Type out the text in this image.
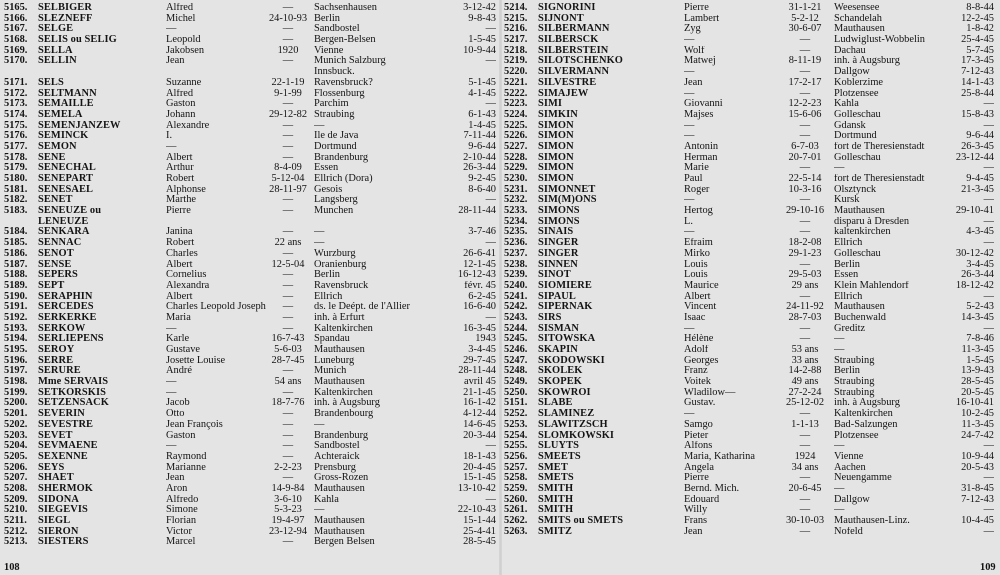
5165.	SELBIGER	Alfred	—	Sachsenhausen	3-12-42
5166.	SLEZNEFF	Michel	24-10-93 Berlin	9-8-43
5167.	SELGE	—	—	Sandbostel	—
5168.	SELIS ou SELIG	Leopold	—	Bergen-Belsen	1-5-45
5169.	SELLA	Jakobsen	1920	Vienne	10-9-44
5170.	SELLIN	Jean	—	Munich Salzburg	—
Innsbuck.
5171.	SELS	Suzanne	22-1-19 Ravensbruck?	5-1-45
5172.	SELTMANN	Alfred	9-1-99	Flossenburg	4-1-45
5173.	SEMAILLE	Gaston	—	Parchim	—
5174.	SEMELA	Johann	29-12-82 Straubing	6-1-43
5175.	SEMENJANZEW	Alexandre	—	—	1-4-45
5176.	SEMINCK	I.	—	Ile de Java	7-11-44
5177.	SEMON	—	—	Dortmund	9-6-44
5178.	SENE	Albert	—	Brandenburg	2-10-44
5179.	SENECHAL	Arthur	8-4-09	Essen	26-3-44
5180.	SENEPART	Robert	5-12-04 Ellrich (Dora)	9-2-45
5181.	SENESAEL	Alphonse	28-11-97 Gesois	8-6-40
5182.	SENET	Marthe	—	Langsberg	—
5183.	SENEUZE ou	Pierre	—	Munchen	28-11-44
LENEUZE
5184.	SENKARA	Janina	—	—	3-7-46
5185.	SENNAC	Robert	22 ans	—	—
5186.	SENOT	Charles	—	Wurzburg	26-6-41
5187.	SENSE	Albert	12-5-04 Oranienburg	12-1-45
5188.	SEPERS	Cornelius	—	Berlin	16-12-43
5189.	SEPT	Alexandra	—	Ravensbruck	févr. 45
5190.	SERAPHIN	Albert	—	Ellrich	6-2-45
5191.	SERCEDES	Charles Leopold Joseph	—	ds. le Deépt. de l'Allier	16-6-40
5192.	SERKERKE	Maria	—	inh. à Erfurt	—
5193.	SERKOW	—	—	Kaltenkirchen	16-3-45
5194.	SERLIEPENS	Karle	16-7-43 Spandau	1943
5195.	SEROY	Gustave	5-6-03	Mauthausen	3-4-45
5196.	SERRE	Josette Louise	28-7-45 Luneburg	29-7-45
5197.	SERURE	André	—	Munich	28-11-44
5198.	Mme SERVAIS	—	54 ans	Mauthausen	avril 45
5199.	SETKORSKIS	—	—	Kaltenkirchen	21-1-45
5200.	SETZENSACK	Jacob	18-7-76 inh. à Augsburg	16-1-42
5201.	SEVERIN	Otto	—	Brandenbourg	4-12-44
5202.	SEVESTRE	Jean François	—	—	14-6-45
5203.	SEVET	Gaston	—	Brandenburg	20-3-44
5204.	SEVMAENE	—	—	Sandbostel	—
5205.	SEXENNE	Raymond	—	Achteraick	18-1-43
5206.	SEYS	Marianne	2-2-23	Prensburg	20-4-45
5207.	SHAET	Jean	—	Gross-Rozen	15-1-45
5208.	SHERMOK	Aron	14-9-84 Mauthausen	13-10-42
5209.	SIDONA	Alfredo	3-6-10	Kahla	—
5210.	SIEGEVIS	Simone	5-3-23	—	22-10-43
5211.	SIEGL	Florian	19-4-97 Mauthausen	15-1-44
5212.	SIERON	Victor	23-12-94 Mauthausen	25-4-41
5213.	SIESTERS	Marcel	—	Bergen Belsen	28-5-45
5214.	SIGNORINI	Pierre	31-1-21	Weesensee	8-8-44
5215.	SIJNONT	Lambert	5-2-12	Schandelah	12-2-45
5216.	SILBERMANN	Zyg	30-6-07	Mauthausen	1-8-42
5217.	SILBERSCK	—	—	Ludwiglust-Wobbelin	25-4-45
5218.	SILBERSTEIN	Wolf	—	Dachau	5-7-45
5219.	SILOTSCHENKO	Matwej	8-11-19	inh. à Augsburg	17-3-45
5220.	SILVERMANN	—	—	Dallgow	7-12-43
5221.	SILVESTRE	Jean	17-2-17	Koblerzime	14-1-43
5222.	SIMAJEW	—	—	Plotzensee	25-8-44
5223.	SIMI	Giovanni	12-2-23	Kahla	—
5224.	SIMKIN	Majses	15-6-06	Golleschau	15-8-43
5225.	SIMON	—	—	Gdansk	—
5226.	SIMON	—	—	Dortmund	9-6-44
5227.	SIMON	Antonin	6-7-03	fort de Theresienstadt	26-3-45
5228.	SIMON	Herman	20-7-01	Golleschau	23-12-44
5229.	SIMON	Marie	—	—	—
5230.	SIMON	Paul	22-5-14	fort de Theresienstadt	9-4-45
5231.	SIMONNET	Roger	10-3-16	Olsztynck	21-3-45
5232.	SIM(M)ONS	—	—	Kursk	—
5233.	SIMONS	Hertog	29-10-16 Mauthausen	29-10-41
5234.	SIMONS	L.	—	disparu à Dresden	—
5235.	SINAIS	—	—	kaltenkirchen	4-3-45
5236.	SINGER	Efraim	18-2-08	Ellrich	—
5237.	SINGER	Mirko	29-1-23	Golleschau	30-12-42
5238.	SINNEN	Louis	—	Berlin	3-4-45
5239.	SINOT	Louis	29-5-03	Essen	26-3-44
5240.	SIOMIERE	Maurice	29 ans	Klein Mahlendorf	18-12-42
5241.	SIPAUL	Albert	—	Ellrich	—
5242.	SIPERNAK	Vincent	24-11-92 Mauthausen	5-2-43
5243.	SIRS	Isaac	28-7-03	Buchenwald	14-3-45
5244.	SISMAN	—	—	Greditz	—
5245.	SITOWSKA	Hélène	—	—	7-8-46
5246.	SKAPIN	Adolf	53 ans	—	11-3-45
5247.	SKODOWSKI	Georges	33 ans	Straubing	1-5-45
5248.	SKOLEK	Franz	14-2-88	Berlin	13-9-43
5249.	SKOPEK	Voitek	49 ans	Straubing	28-5-45
5250.	SKOWROI	Wladilow—	27-2-24	Straubing	20-5-45
5151.	SLABE	Gustav.	25-12-02 inh. à Augsburg	16-10-41
5252.	SLAMINEZ	—	—	Kaltenkirchen	10-2-45
5253.	SLAWITZSCH	Samgo	1-1-13	Bad-Salzungen	11-3-45
5254.	SLOMKOWSKI	Pieter	—	Plotzensee	24-7-42
5255.	SLUYTS	Alfons	—	—	—
5256.	SMEETS	Maria, Katharina	1924	Vienne	10-9-44
5257.	SMET	Angela	34 ans	Aachen	20-5-43
5258.	SMETS	Pierre	—	Neuengamme	—
5259.	SMITH	Bernd. Mich.	20-6-45	—	31-8-45
5260.	SMITH	Edouard	—	Dallgow	7-12-43
5261.	SMITH	Willy	—	—	—
5262.	SMITS ou SMETS	Frans	30-10-03 Mauthausen-Linz.	10-4-45
5263.	SMITZ	Jean	—	Nofeld	—
108	109
